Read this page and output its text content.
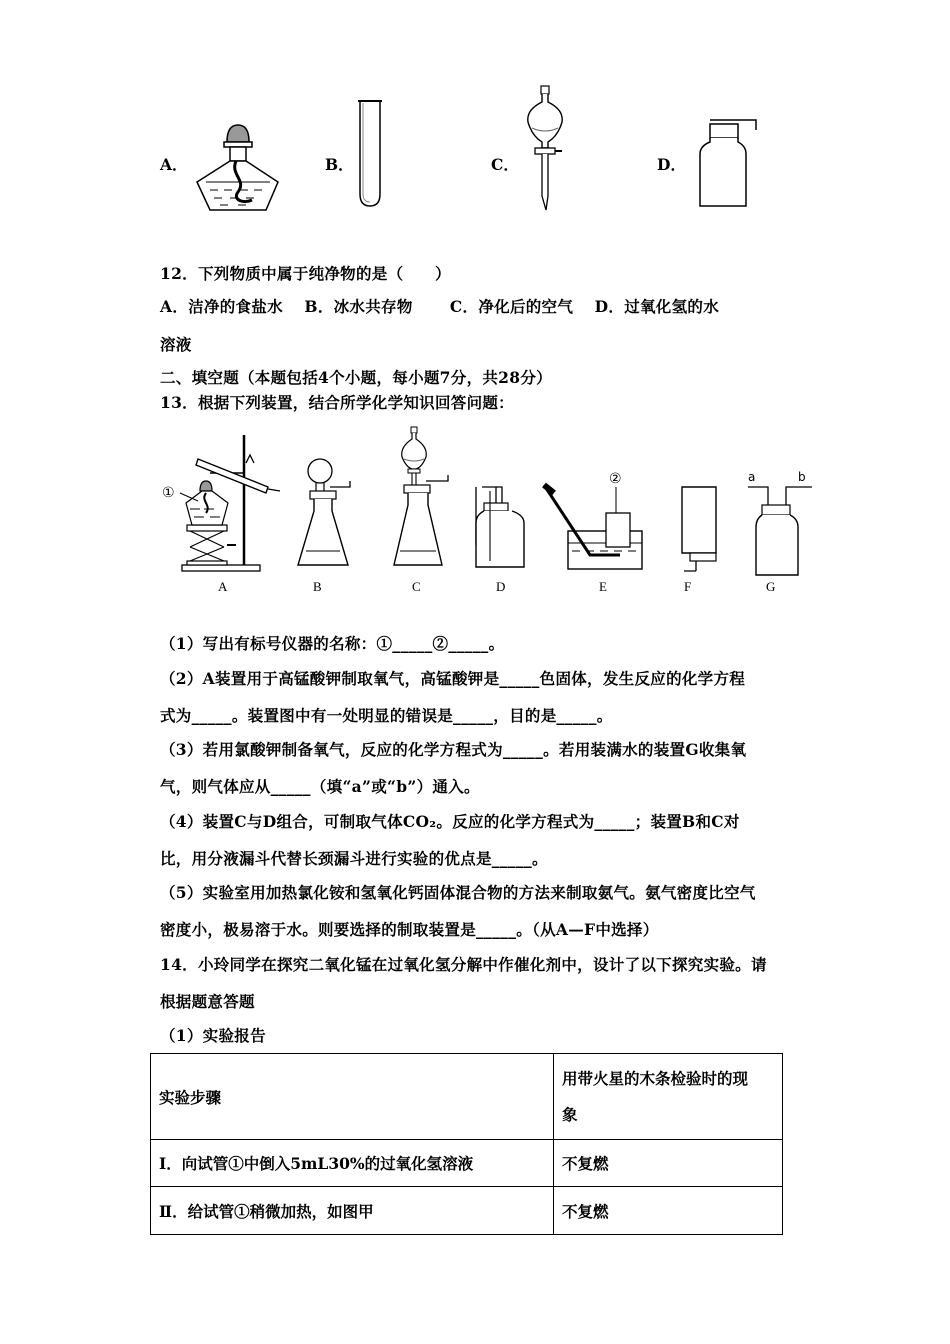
A．	B．	C．	D．
12．下列物质中属于纯净物的是（　　）
A．洁净的食盐水　 B．冰水共存物　　 C．净化后的空气　 D．过氧化氢的水
溶液
二、填空题（本题包括4个小题，每小题7分，共28分）
13．根据下列装置，结合所学化学知识回答问题：
①
②	a	b
A	B	C	D	E	F	G
（1）写出有标号仪器的名称：①_____②_____。
（2）A装置用于高锰酸钾制取氧气，高锰酸钾是_____色固体，发生反应的化学方程
式为_____。装置图中有一处明显的错误是_____，目的是_____。
（3）若用氯酸钾制备氧气，反应的化学方程式为_____。若用装满水的装置G收集氧
气，则气体应从_____（填“a”或“b”）通入。
（4）装置C与D组合，可制取气体CO₂。反应的化学方程式为_____；装置B和C对
比，用分液漏斗代替长颈漏斗进行实验的优点是_____。
（5）实验室用加热氯化铵和氢氧化钙固体混合物的方法来制取氨气。氨气密度比空气
密度小，极易溶于水。则要选择的制取装置是_____。（从A—F中选择）
14．小玲同学在探究二氧化锰在过氧化氢分解中作催化剂中，设计了以下探究实验。请
根据题意答题
（1）实验报告
实验步骤	用带火星的木条检验时的现
象

Ⅰ．向试管①中倒入5mL30%的过氧化氢溶液	不复燃
Ⅱ．给试管①稍微加热，如图甲	不复燃
